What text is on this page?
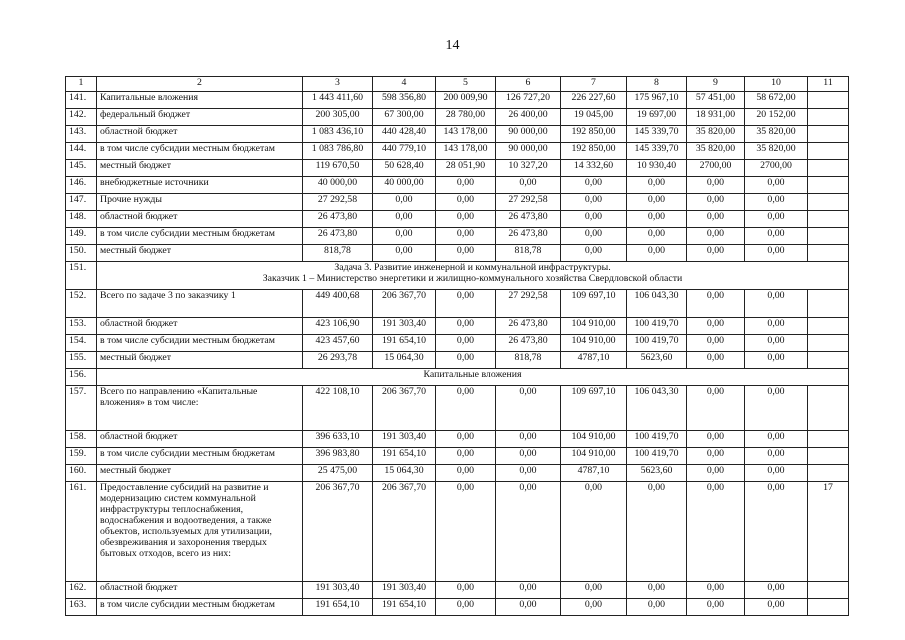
14
1	2	3	4	5	6	7	8	9	10	11
141.	Капитальные вложения	1 443 411,60	598 356,80	200 009,90	126 727,20	226 227,60	175 967,10	57 451,00	58 672,00	
142.	федеральный бюджет	200 305,00	67 300,00	28 780,00	26 400,00	19 045,00	19 697,00	18 931,00	20 152,00	
143.	областной бюджет	1 083 436,10	440 428,40	143 178,00	90 000,00	192 850,00	145 339,70	35 820,00	35 820,00	
144.	в том числе субсидии местным бюджетам	1 083 786,80	440 779,10	143 178,00	90 000,00	192 850,00	145 339,70	35 820,00	35 820,00	
145.	местный бюджет	119 670,50	50 628,40	28 051,90	10 327,20	14 332,60	10 930,40	2700,00	2700,00	
146.	внебюджетные источники	40 000,00	40 000,00	0,00	0,00	0,00	0,00	0,00	0,00	
147.	Прочие нужды	27 292,58	0,00	0,00	27 292,58	0,00	0,00	0,00	0,00	
148.	областной бюджет	26 473,80	0,00	0,00	26 473,80	0,00	0,00	0,00	0,00	
149.	в том числе субсидии местным бюджетам	26 473,80	0,00	0,00	26 473,80	0,00	0,00	0,00	0,00	
150.	местный бюджет	818,78	0,00	0,00	818,78	0,00	0,00	0,00	0,00	
151.	Задача 3. Развитие инженерной и коммунальной инфраструктуры.
Заказчик 1 – Министерство энергетики и жилищно-коммунального хозяйства Свердловской области									

152.	Всего по задаче 3 по заказчику 1	449 400,68	206 367,70	0,00	27 292,58	109 697,10	106 043,30	0,00	0,00	
153.	областной бюджет	423 106,90	191 303,40	0,00	26 473,80	104 910,00	100 419,70	0,00	0,00	
154.	в том числе субсидии местным бюджетам	423 457,60	191 654,10	0,00	26 473,80	104 910,00	100 419,70	0,00	0,00	
155.	местный бюджет	26 293,78	15 064,30	0,00	818,78	4787,10	5623,60	0,00	0,00	
156.	Капитальные вложения									
157.	Всего по направлению «Капитальные вложения» в том числе:	422 108,10	206 367,70	0,00	0,00	109 697,10	106 043,30	0,00	0,00	
158.	областной бюджет	396 633,10	191 303,40	0,00	0,00	104 910,00	100 419,70	0,00	0,00	
159.	в том числе субсидии местным бюджетам	396 983,80	191 654,10	0,00	0,00	104 910,00	100 419,70	0,00	0,00	
160.	местный бюджет	25 475,00	15 064,30	0,00	0,00	4787,10	5623,60	0,00	0,00	
161.	Предоставление субсидий на развитие и модернизацию систем коммунальной инфраструктуры теплоснабжения, водоснабжения и водоотведения, а также объектов, используемых для утилизации, обезвреживания и захоронения твердых бытовых отходов, всего из них:	206 367,70	206 367,70	0,00	0,00	0,00	0,00	0,00	0,00	17
162.	областной бюджет	191 303,40	191 303,40	0,00	0,00	0,00	0,00	0,00	0,00	
163.	в том числе субсидии местным бюджетам	191 654,10	191 654,10	0,00	0,00	0,00	0,00	0,00	0,00	
